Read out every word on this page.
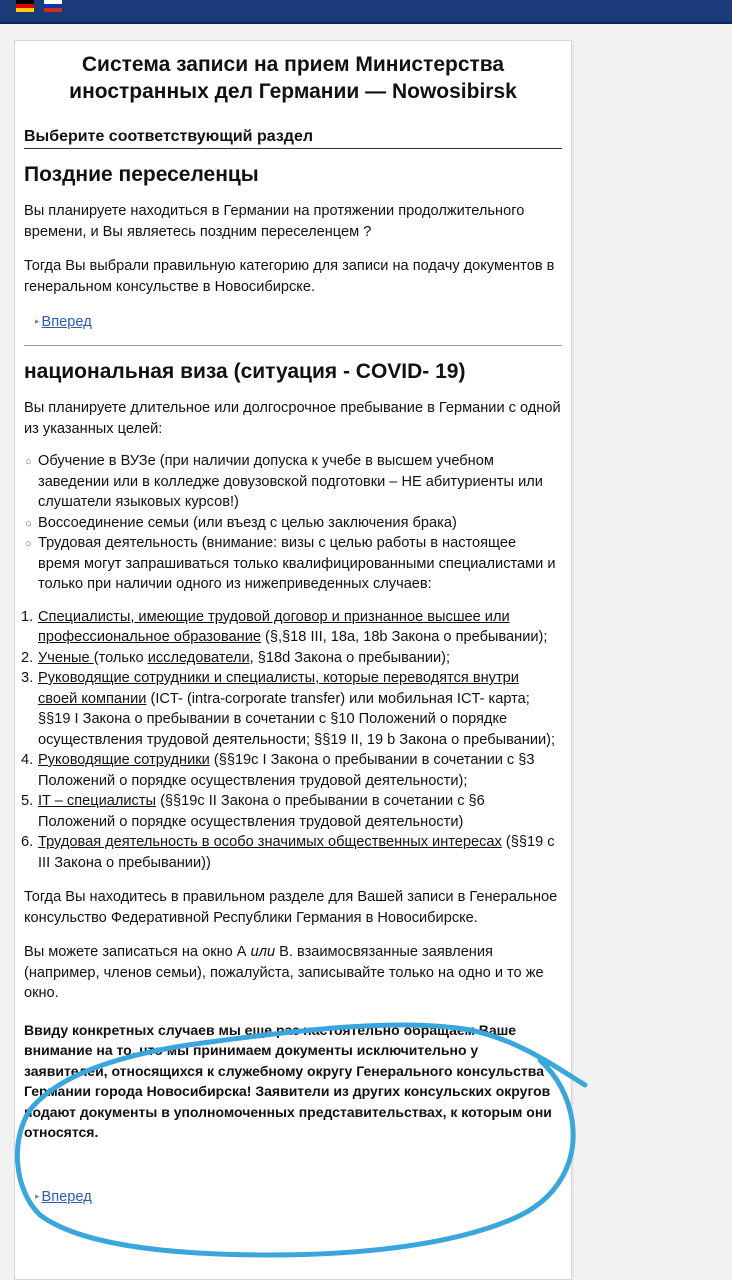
Система записи на прием Министерства иностранных дел Германии — Nowosibirsk
Выберите соответствующий раздел
Поздние переселенцы

Вы планируете находиться в Германии на протяжении продолжительного времени, и Вы являетесь поздним переселенцем ?

Тогда Вы выбрали правильную категорию для записи на подачу документов в генеральном консульстве в Новосибирске.

▸ Вперед
национальная виза (ситуация - COVID- 19)

Вы планируете длительное или долгосрочное пребывание в Германии с одной из указанных целей:

○ Обучение в ВУЗе (при наличии допуска к учебе в высшем учебном заведении или в колледже довузовской подготовки – НЕ абитуриенты или слушатели языковых курсов!)
○ Воссоединение семьи (или въезд с целью заключения брака)
○ Трудовая деятельность (внимание: визы с целью работы в настоящее время могут запрашиваться только квалифицированными специалистами и только при наличии одного из нижеприведенных случаев:
1. Специалисты, имеющие трудовой договор и признанное высшее или профессиональное образование (§,§18 III, 18a, 18b Закона о пребывании);
2. Ученые (только исследователи, §18d Закона о пребывании);
3. Руководящие сотрудники и специалисты, которые переводятся внутри своей компании (ICT- (intra-corporate transfer) или мобильная ICT- карта; §§19 I Закона о пребывании в сочетании с §10 Положений о порядке осуществления трудовой деятельности; §§19 II, 19 b Закона о пребывании);
4. Руководящие сотрудники (§§19c I Закона о пребывании в сочетании с §3 Положений о порядке осуществления трудовой деятельности);
5. IT – специалисты (§§19c II Закона о пребывании в сочетании с §6 Положений о порядке осуществления трудовой деятельности)
6. Трудовая деятельность в особо значимых общественных интересах (§§19 c III Закона о пребывании))

Тогда Вы находитесь в правильном разделе для Вашей записи в Генеральное консульство Федеративной Республики Германия в Новосибирске.

Вы можете записаться на окно А или В. взаимосвязанные заявления (например, членов семьи), пожалуйста, записывайте только на одно и то же окно.

Ввиду конкретных случаев мы еще раз настоятельно обращаем Ваше внимание на то, что мы принимаем документы исключительно у заявителей, относящихся к служебному округу Генерального консульства Германии города Новосибирска! Заявители из других консульских округов подают документы в уполномоченных представительствах, к которым они относятся.

▸ Вперед
